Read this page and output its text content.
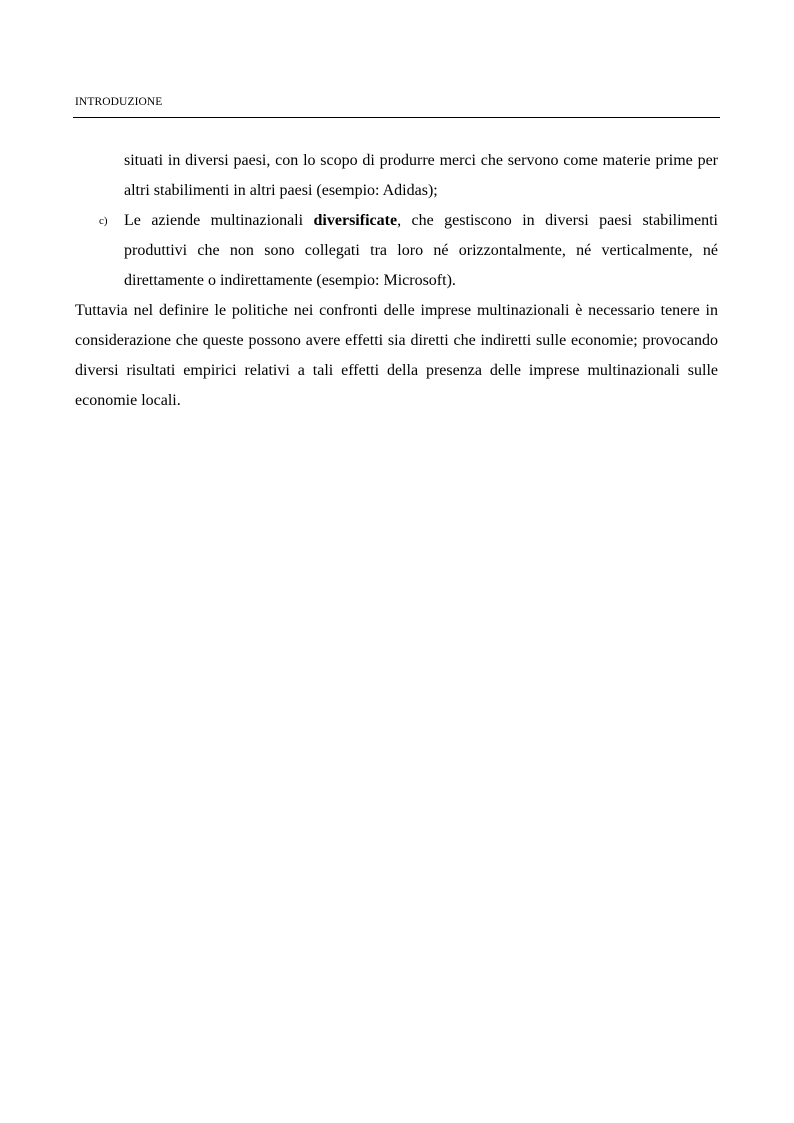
INTRODUZIONE

situati in diversi paesi, con lo scopo di produrre merci che servono come materie prime per altri stabilimenti in altri paesi (esempio: Adidas);

c) Le aziende multinazionali diversificate, che gestiscono in diversi paesi stabilimenti produttivi che non sono collegati tra loro né orizzontalmente, né verticalmente, né direttamente o indirettamente (esempio: Microsoft).

Tuttavia nel definire le politiche nei confronti delle imprese multinazionali è necessario tenere in considerazione che queste possono avere effetti sia diretti che indiretti sulle economie; provocando diversi risultati empirici relativi a tali effetti della presenza delle imprese multinazionali sulle economie locali.
